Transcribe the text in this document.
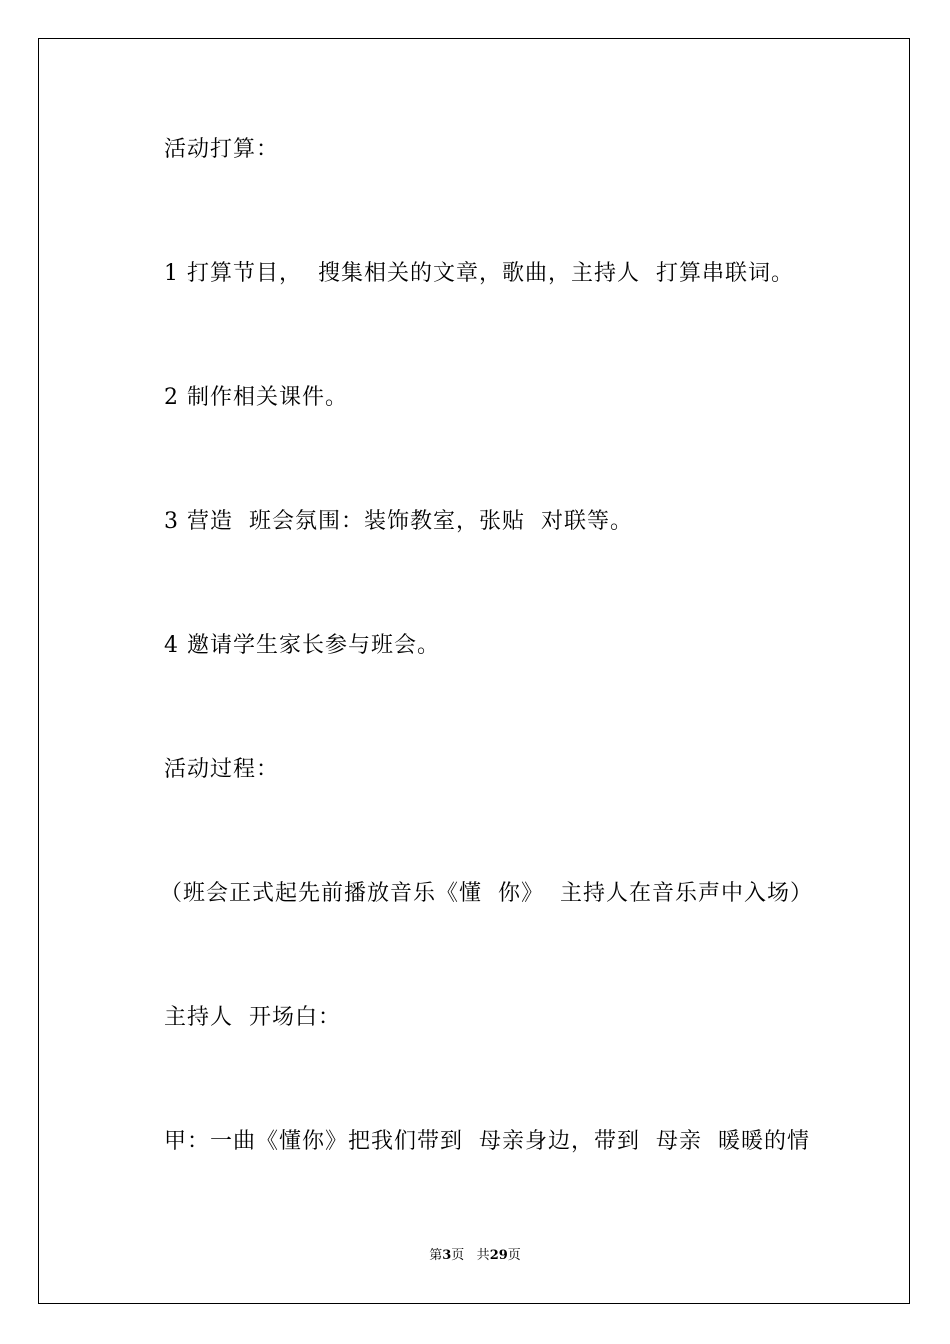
活动打算：

1 打算节目，  搜集相关的文章，歌曲，主持人  打算串联词。

2 制作相关课件。

3 营造  班会氛围：装饰教室，张贴  对联等。

4 邀请学生家长参与班会。

活动过程：

（班会正式起先前播放音乐《懂  你》  主持人在音乐声中入场）

主持人  开场白：

甲：一曲《懂你》把我们带到  母亲身边，带到  母亲  暖暖的情

第3页 共29页
